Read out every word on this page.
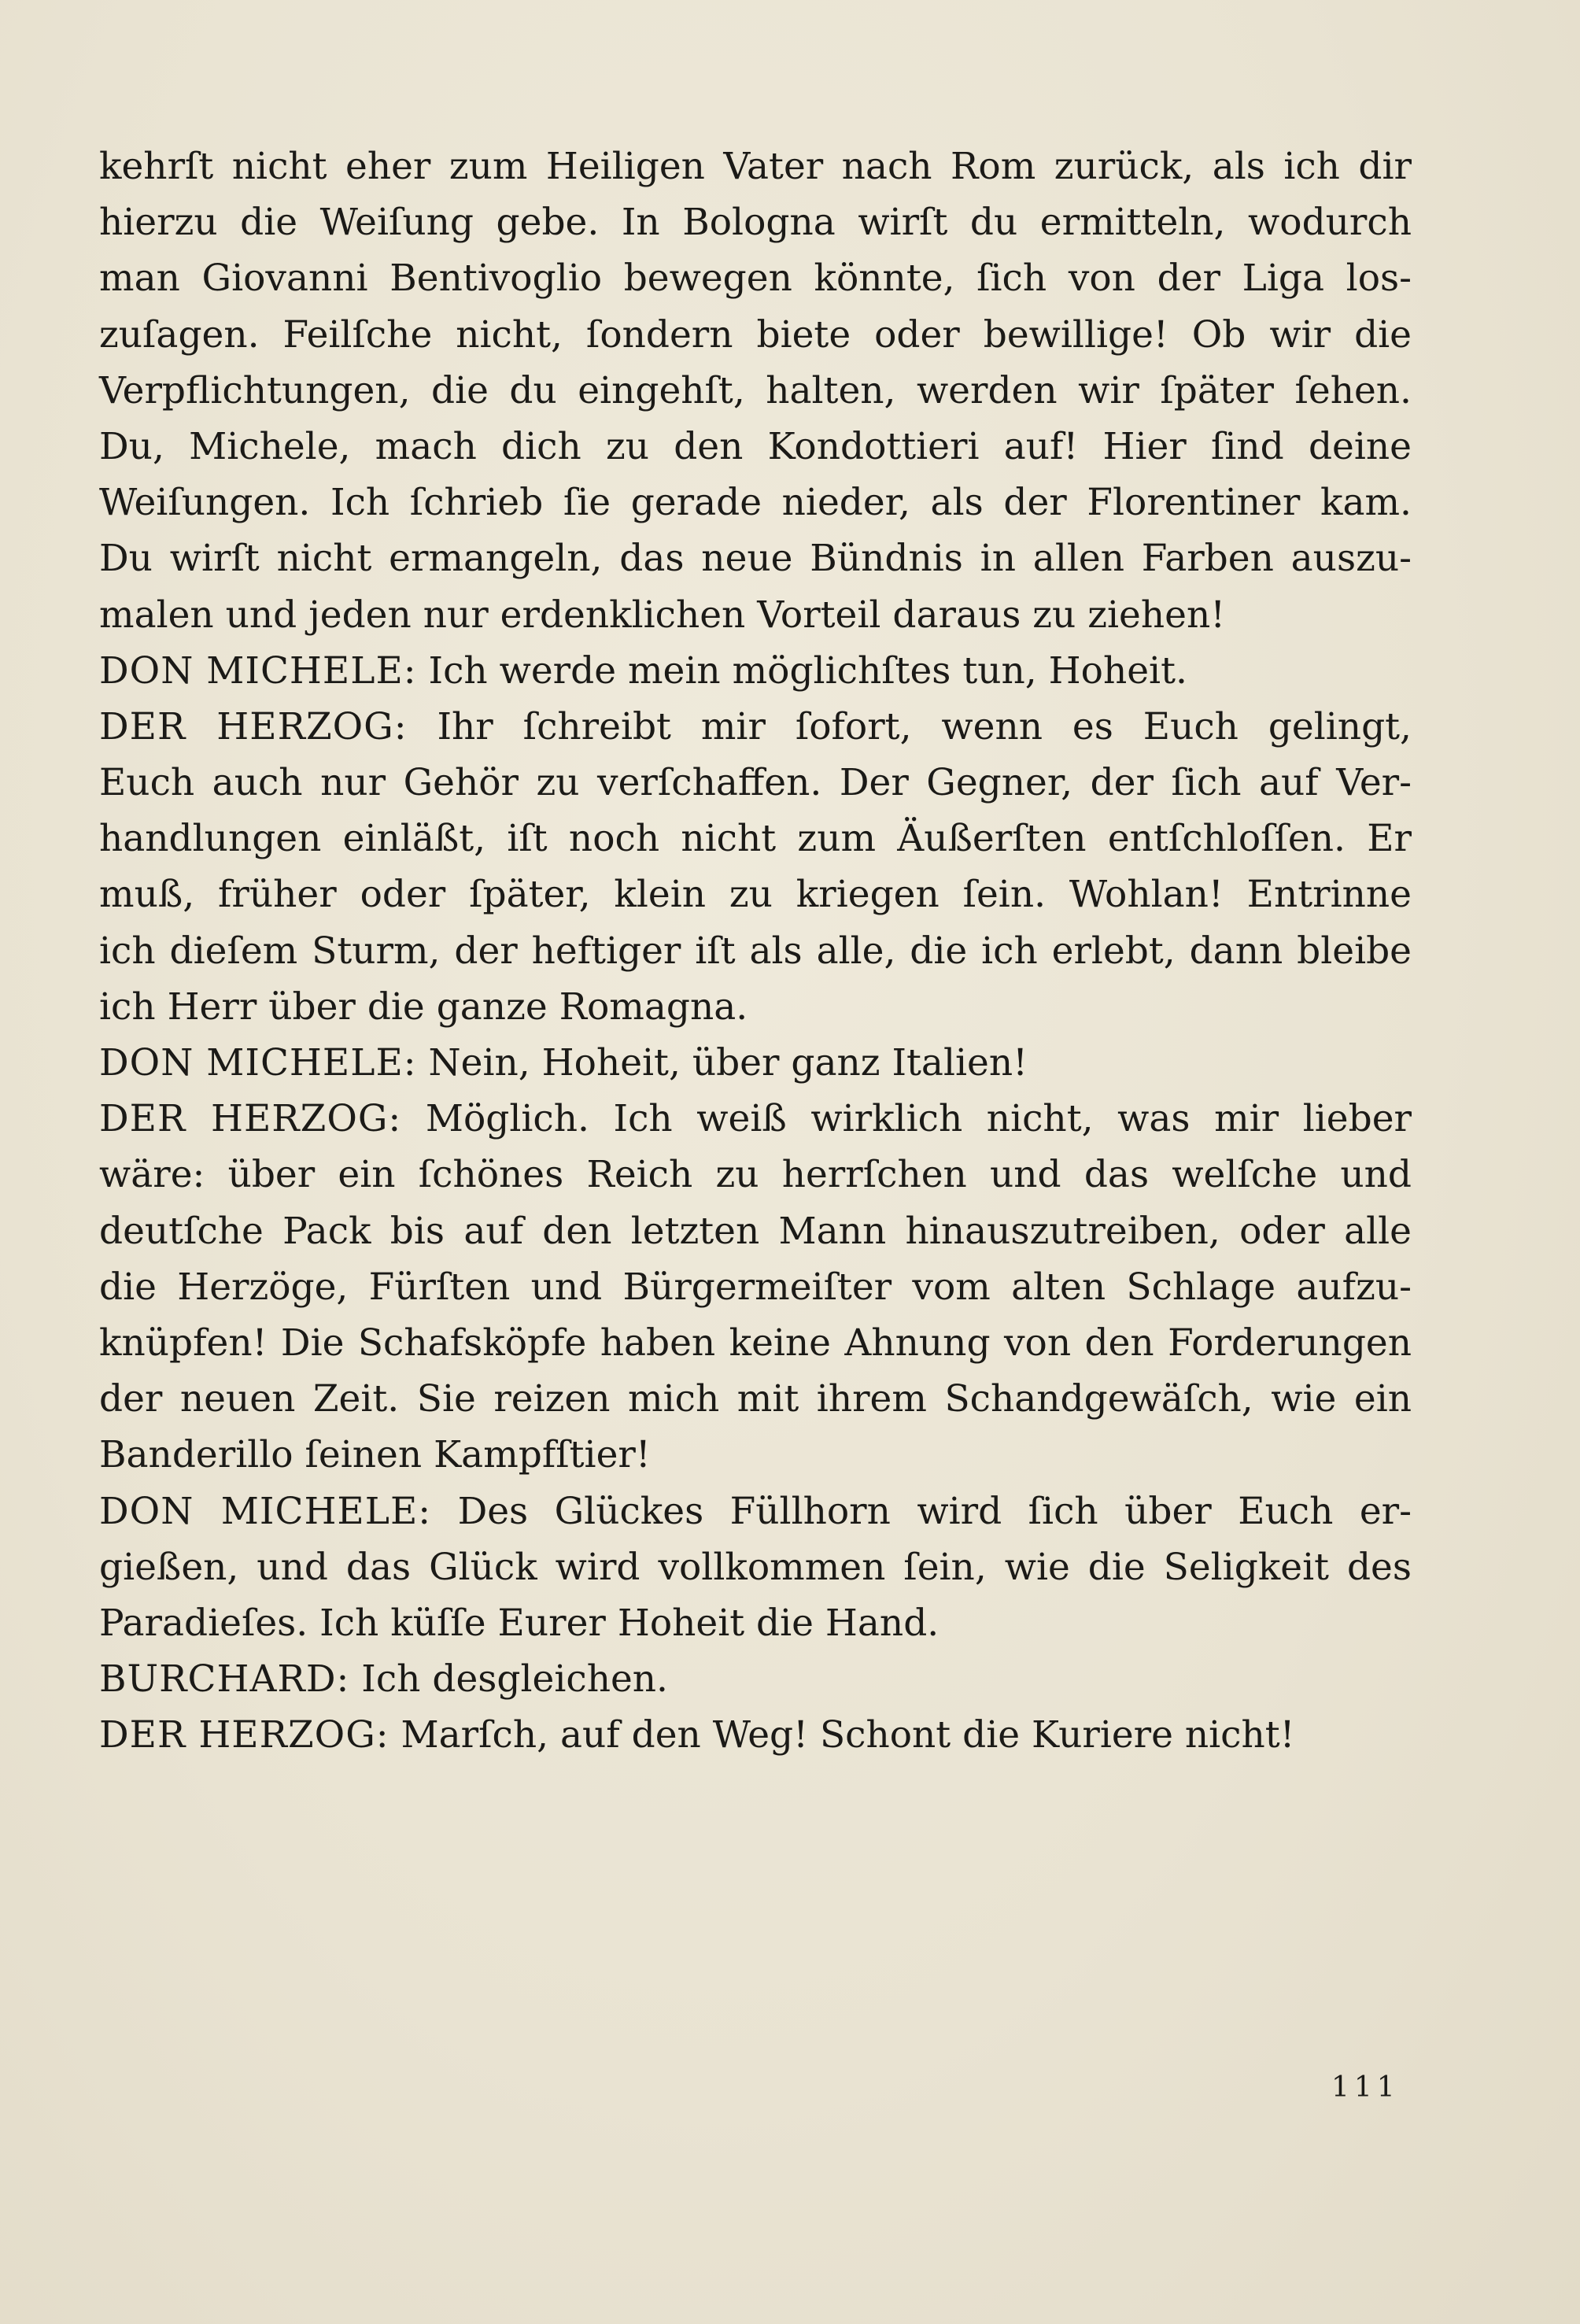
kehrſt nicht eher zum Heiligen Vater nach Rom zurück, als ich dir
hierzu die Weiſung gebe. In Bologna wirſt du ermitteln, wodurch
man Giovanni Bentivoglio bewegen könnte, ſich von der Liga los-
zuſagen. Feilſche nicht, ſondern biete oder bewillige! Ob wir die
Verpflichtungen, die du eingehſt, halten, werden wir ſpäter ſehen.
Du, Michele, mach dich zu den Kondottieri auf! Hier ſind deine
Weiſungen. Ich ſchrieb ſie gerade nieder, als der Florentiner kam.
Du wirſt nicht ermangeln, das neue Bündnis in allen Farben auszu-
malen und jeden nur erdenklichen Vorteil daraus zu ziehen!
DON MICHELE: Ich werde mein möglichſtes tun, Hoheit.
DER HERZOG: Ihr ſchreibt mir ſofort, wenn es Euch gelingt,
Euch auch nur Gehör zu verſchaffen. Der Gegner, der ſich auf Ver-
handlungen einläßt, iſt noch nicht zum Äußerſten entſchloſſen. Er
muß, früher oder ſpäter, klein zu kriegen ſein. Wohlan! Entrinne
ich dieſem Sturm, der heftiger iſt als alle, die ich erlebt, dann bleibe
ich Herr über die ganze Romagna.
DON MICHELE: Nein, Hoheit, über ganz Italien!
DER HERZOG: Möglich. Ich weiß wirklich nicht, was mir lieber
wäre: über ein ſchönes Reich zu herrſchen und das welſche und
deutſche Pack bis auf den letzten Mann hinauszutreiben, oder alle
die Herzöge, Fürſten und Bürgermeiſter vom alten Schlage aufzu-
knüpfen! Die Schafsköpfe haben keine Ahnung von den Forderungen
der neuen Zeit. Sie reizen mich mit ihrem Schandgewäſch, wie ein
Banderillo ſeinen Kampfſtier!
DON MICHELE: Des Glückes Füllhorn wird ſich über Euch er-
gießen, und das Glück wird vollkommen ſein, wie die Seligkeit des
Paradieſes. Ich küſſe Eurer Hoheit die Hand.
BURCHARD: Ich desgleichen.
DER HERZOG: Marſch, auf den Weg! Schont die Kuriere nicht!
111
